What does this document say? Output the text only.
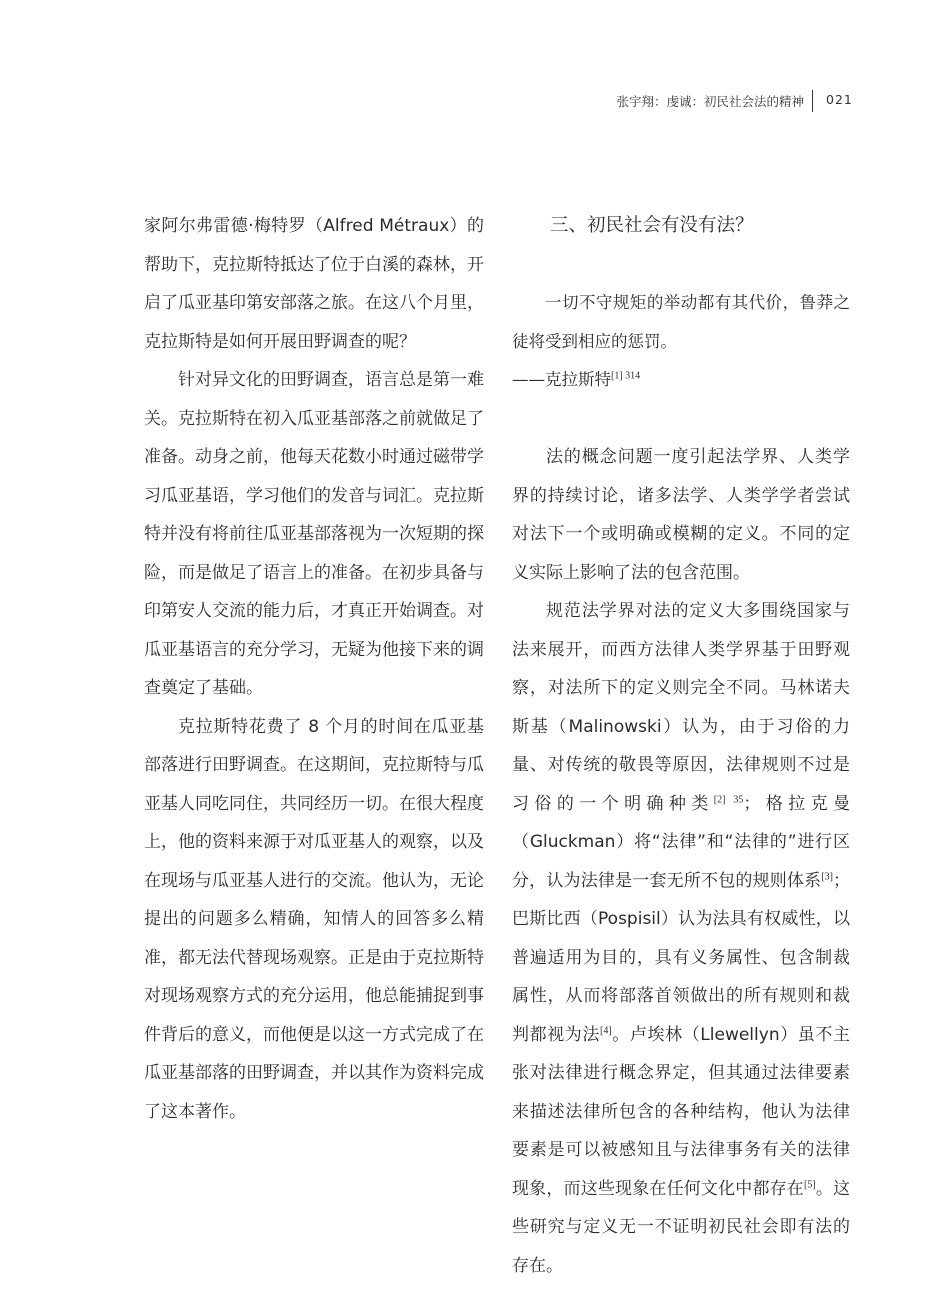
张宇翔：虔诚：初民社会法的精神 021

家阿尔弗雷德·梅特罗（Alfred Métraux）的帮助下，克拉斯特抵达了位于白溪的森林，开启了瓜亚基印第安部落之旅。在这八个月里，克拉斯特是如何开展田野调查的呢？

针对异文化的田野调查，语言总是第一难关。克拉斯特在初入瓜亚基部落之前就做足了准备。动身之前，他每天花数小时通过磁带学习瓜亚基语，学习他们的发音与词汇。克拉斯特并没有将前往瓜亚基部落视为一次短期的探险，而是做足了语言上的准备。在初步具备与印第安人交流的能力后，才真正开始调查。对瓜亚基语言的充分学习，无疑为他接下来的调查奠定了基础。

克拉斯特花费了 8 个月的时间在瓜亚基部落进行田野调查。在这期间，克拉斯特与瓜亚基人同吃同住，共同经历一切。在很大程度上，他的资料来源于对瓜亚基人的观察，以及在现场与瓜亚基人进行的交流。他认为，无论提出的问题多么精确，知情人的回答多么精准，都无法代替现场观察。正是由于克拉斯特对现场观察方式的充分运用，他总能捕捉到事件背后的意义，而他便是以这一方式完成了在瓜亚基部落的田野调查，并以其作为资料完成了这本著作。

三、初民社会有没有法？

一切不守规矩的举动都有其代价，鲁莽之徒将受到相应的惩罚。

——克拉斯特$^{[1] 314}$

法的概念问题一度引起法学界、人类学界的持续讨论，诸多法学、人类学学者尝试对法下一个或明确或模糊的定义。不同的定义实际上影响了法的包含范围。

规范法学界对法的定义大多围绕国家与法来展开，而西方法律人类学界基于田野观察，对法所下的定义则完全不同。马林诺夫斯基（Malinowski）认为，由于习俗的力量、对传统的敬畏等原因，法律规则不过是习俗的一个明确种类$^{[2] 35}$；格拉克曼（Gluckman）将“法律”和“法律的”进行区分，认为法律是一套无所不包的规则体系[3]；巴斯比西（Pospisil）认为法具有权威性，以普遍适用为目的，具有义务属性、包含制裁属性，从而将部落首领做出的所有规则和裁判都视为法[4]。卢埃林（Llewellyn）虽不主张对法律进行概念界定，但其通过法律要素来描述法律所包含的各种结构，他认为法律要素是可以被感知且与法律事务有关的法律现象，而这些现象在任何文化中都存在[5]。这些研究与定义无一不证明初民社会即有法的存在。
